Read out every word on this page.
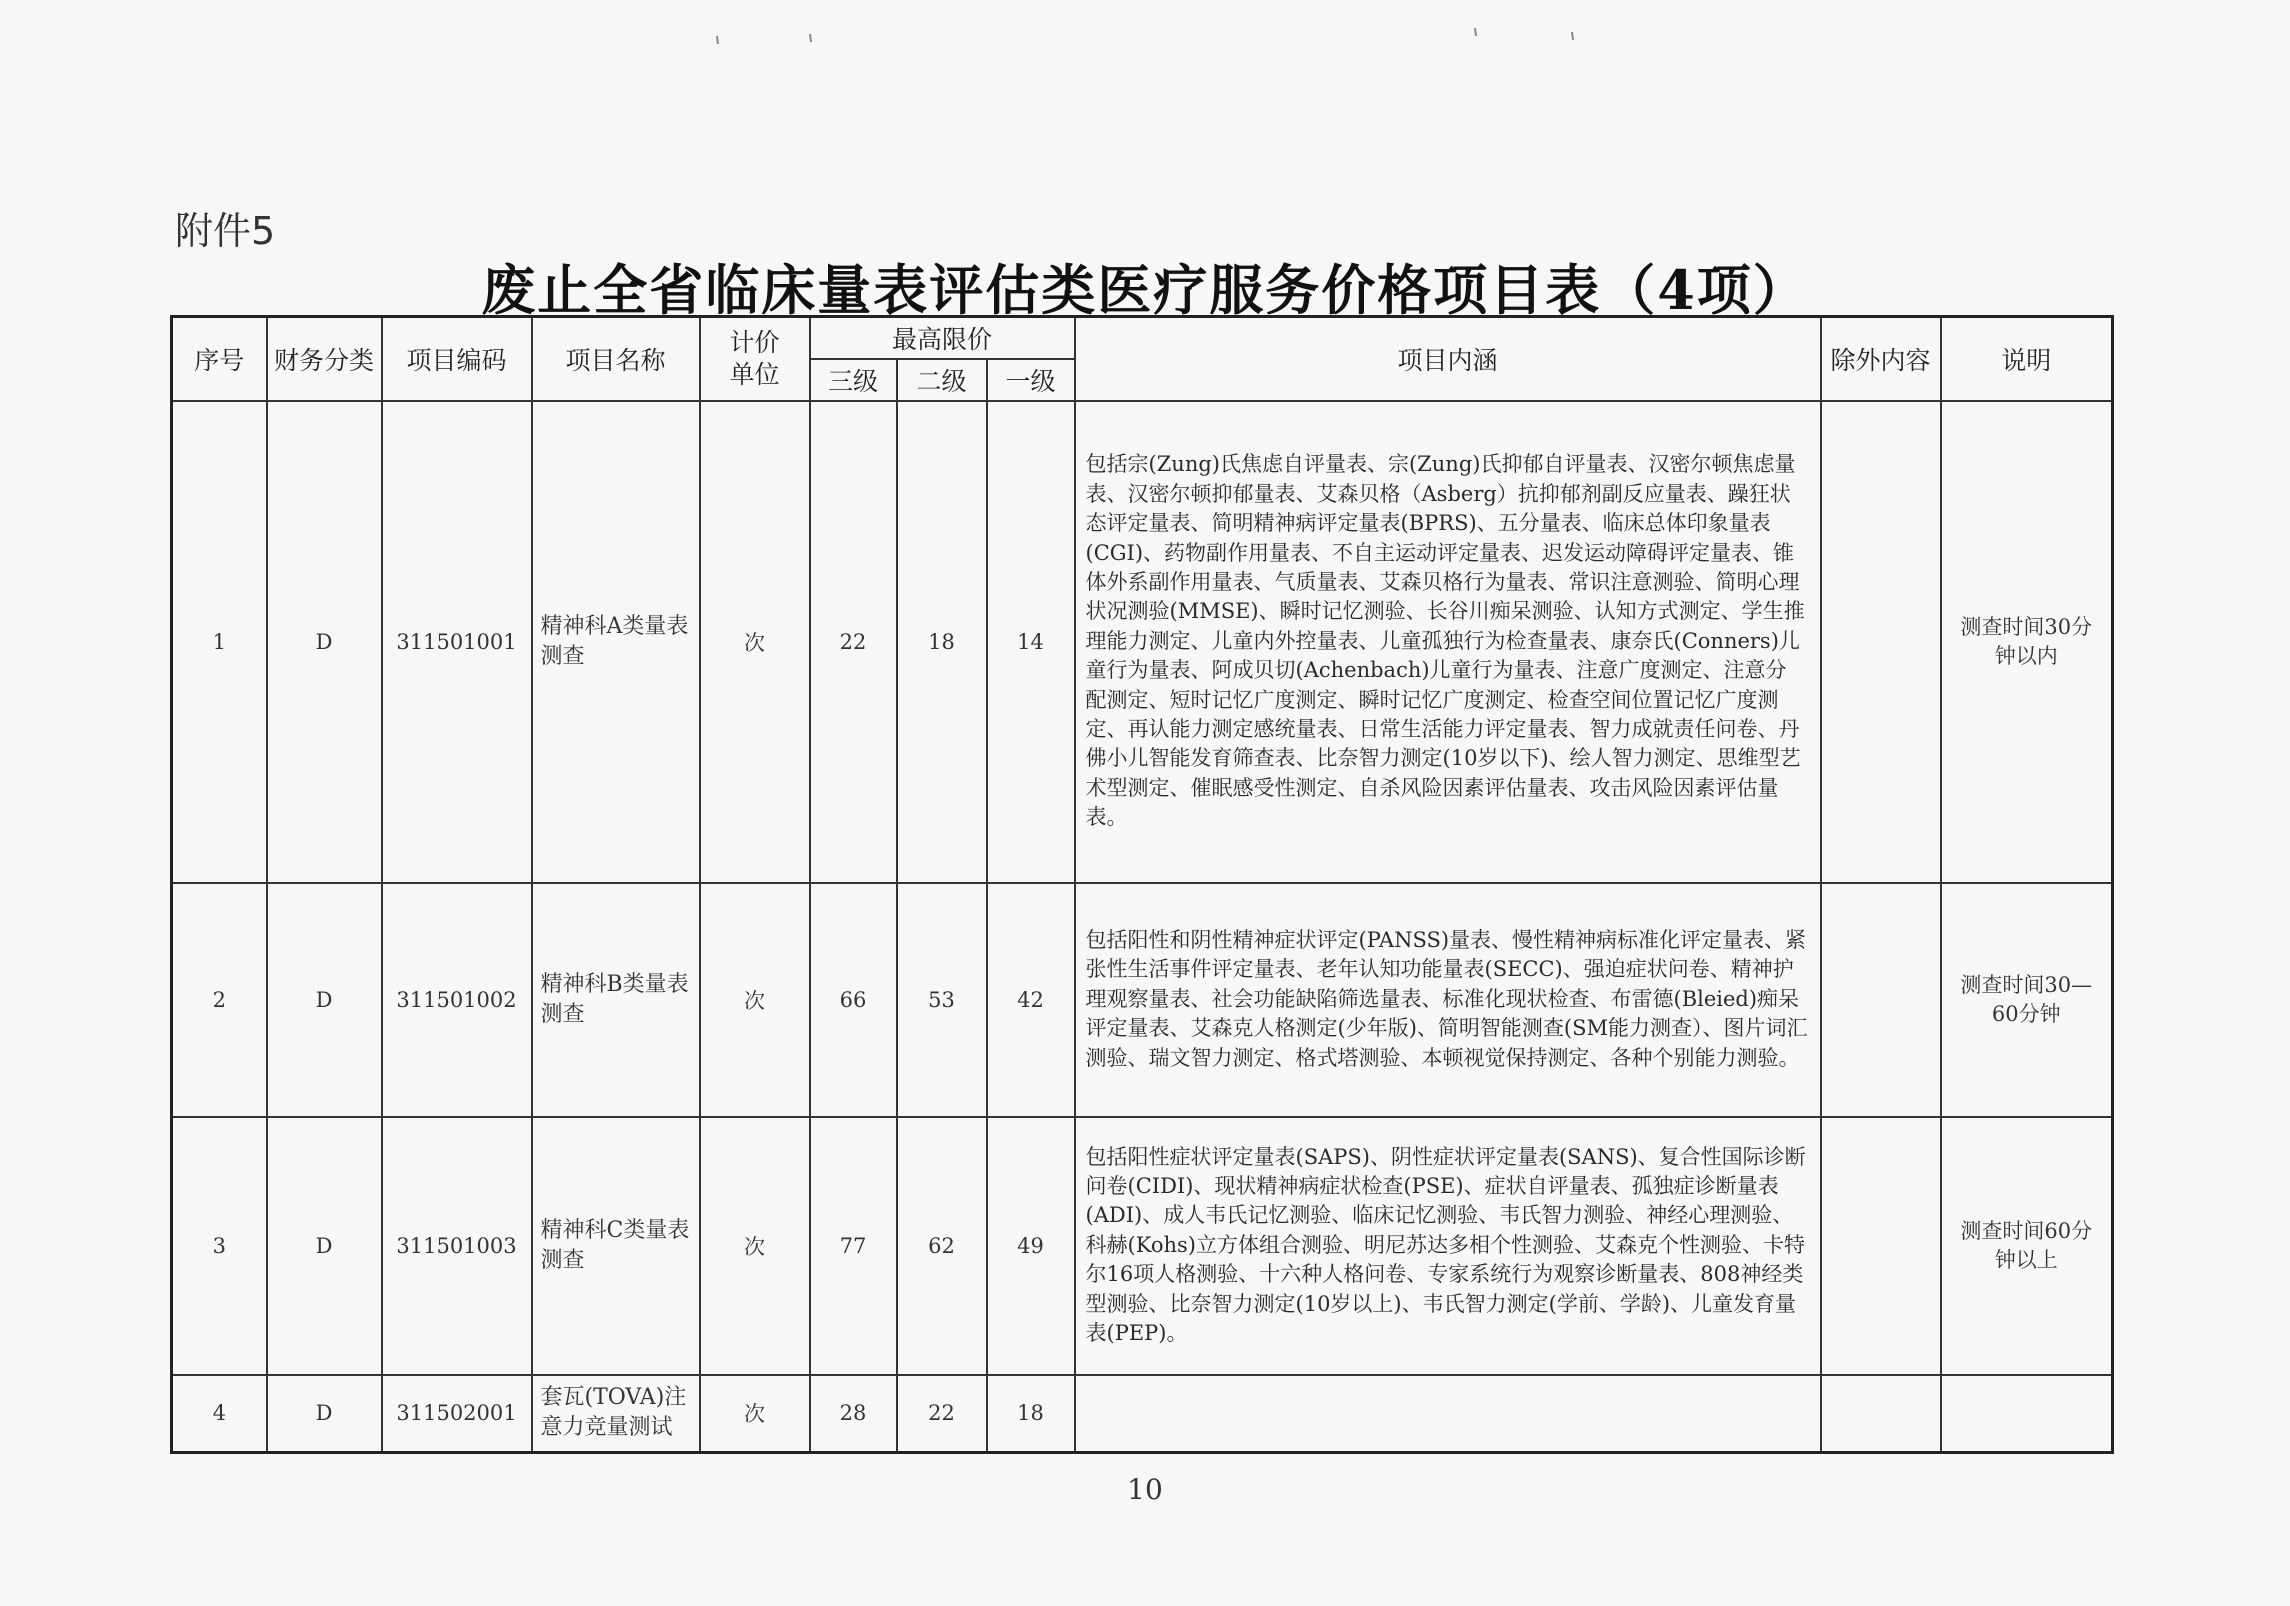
附件5
废止全省临床量表评估类医疗服务价格项目表（4项）
序号	财务分类	项目编码	项目名称	计价单位	最高限价			项目内涵	除外内容	说明
					三级	二级	一级			
1	D	311501001	精神科A类量表测查	次	22	18	14	包括宗(Zung)氏焦虑自评量表、宗(Zung)氏抑郁自评量表、汉密尔顿焦虑量表、汉密尔顿抑郁量表、艾森贝格（Asberg）抗抑郁剂副反应量表、躁狂状态评定量表、简明精神病评定量表(BPRS)、五分量表、临床总体印象量表(CGI)、药物副作用量表、不自主运动评定量表、迟发运动障碍评定量表、锥体外系副作用量表、气质量表、艾森贝格行为量表、常识注意测验、简明心理状况测验(MMSE)、瞬时记忆测验、长谷川痴呆测验、认知方式测定、学生推理能力测定、儿童内外控量表、儿童孤独行为检查量表、康奈氏(Conners)儿童行为量表、阿成贝切(Achenbach)儿童行为量表、注意广度测定、注意分配测定、短时记忆广度测定、瞬时记忆广度测定、检查空间位置记忆广度测定、再认能力测定感统量表、日常生活能力评定量表、智力成就责任问卷、丹佛小儿智能发育筛查表、比奈智力测定(10岁以下)、绘人智力测定、思维型艺术型测定、催眠感受性测定、自杀风险因素评估量表、攻击风险因素评估量表。		测查时间30分钟以内
2	D	311501002	精神科B类量表测查	次	66	53	42	包括阳性和阴性精神症状评定(PANSS)量表、慢性精神病标准化评定量表、紧张性生活事件评定量表、老年认知功能量表(SECC)、强迫症状问卷、精神护理观察量表、社会功能缺陷筛选量表、标准化现状检查、布雷德(Bleied)痴呆评定量表、艾森克人格测定(少年版)、简明智能测查(SM能力测查）、图片词汇测验、瑞文智力测定、格式塔测验、本顿视觉保持测定、各种个别能力测验。		测查时间30—60分钟
3	D	311501003	精神科C类量表测查	次	77	62	49	包括阳性症状评定量表(SAPS)、阴性症状评定量表(SANS)、复合性国际诊断问卷(CIDI)、现状精神病症状检查(PSE)、症状自评量表、孤独症诊断量表(ADI)、成人韦氏记忆测验、临床记忆测验、韦氏智力测验、神经心理测验、科赫(Kohs)立方体组合测验、明尼苏达多相个性测验、艾森克个性测验、卡特尔16项人格测验、十六种人格问卷、专家系统行为观察诊断量表、808神经类型测验、比奈智力测定(10岁以上)、韦氏智力测定(学前、学龄)、儿童发育量表(PEP)。		测查时间60分钟以上
4	D	311502001	套瓦(TOVA)注意力竞量测试	次	28	22	18			
10
